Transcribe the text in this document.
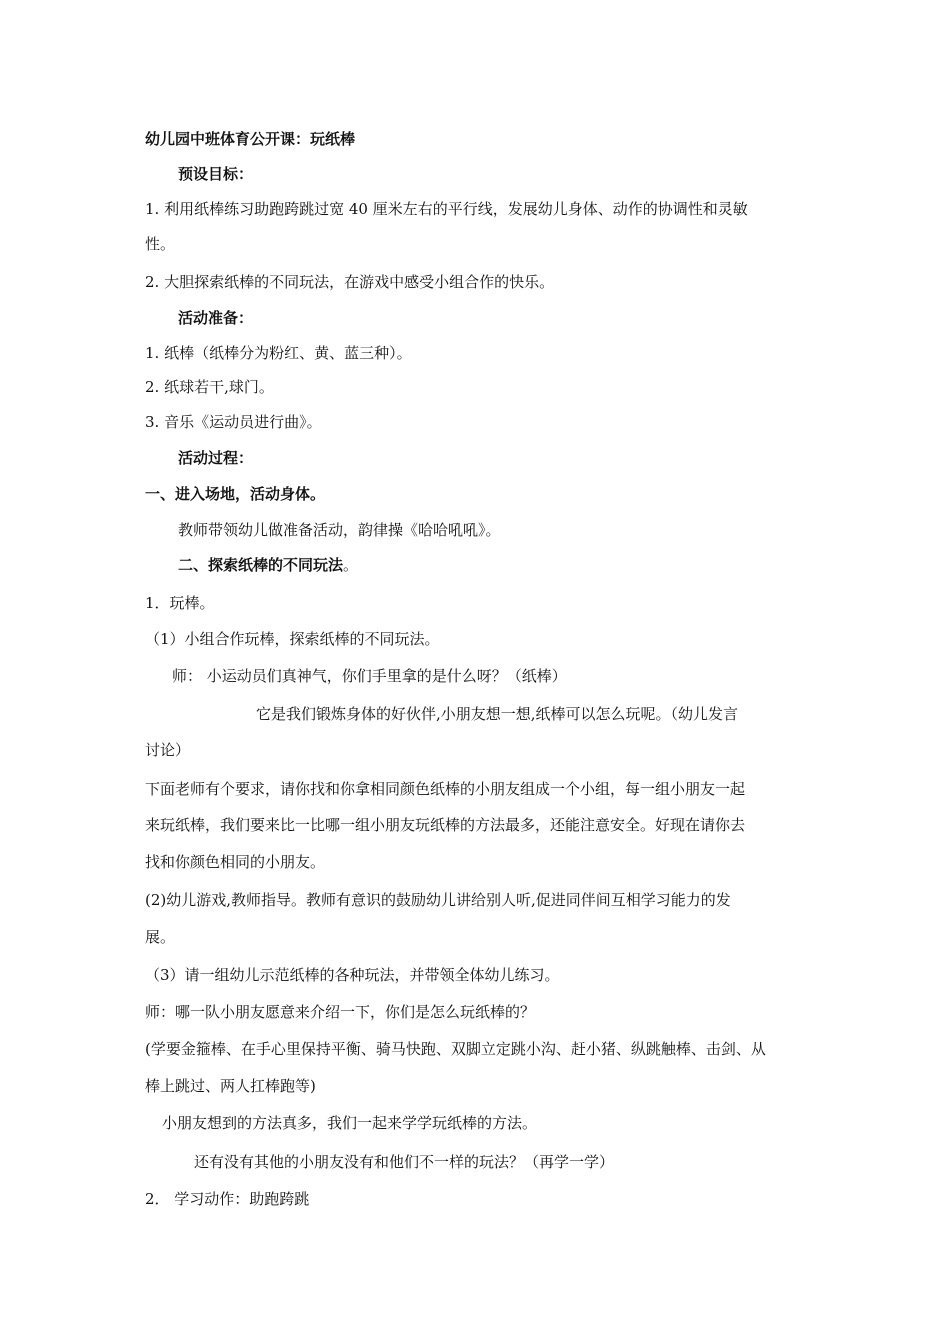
幼儿园中班体育公开课：玩纸棒
预设目标：
1. 利用纸棒练习助跑跨跳过宽 40 厘米左右的平行线，发展幼儿身体、动作的协调性和灵敏
性。
2. 大胆探索纸棒的不同玩法，在游戏中感受小组合作的快乐。
活动准备：
1. 纸棒（纸棒分为粉红、黄、蓝三种）。
2. 纸球若干,球门。
3. 音乐《运动员进行曲》。
活动过程：
一、进入场地，活动身体。
教师带领幼儿做准备活动，韵律操《哈哈吼吼》。
二、探索纸棒的不同玩法。
1．玩棒。
（1）小组合作玩棒，探索纸棒的不同玩法。
师： 小运动员们真神气，你们手里拿的是什么呀？（纸棒）
它是我们锻炼身体的好伙伴,小朋友想一想,纸棒可以怎么玩呢。（幼儿发言
讨论）
下面老师有个要求，请你找和你拿相同颜色纸棒的小朋友组成一个小组，每一组小朋友一起
来玩纸棒，我们要来比一比哪一组小朋友玩纸棒的方法最多，还能注意安全。好现在请你去
找和你颜色相同的小朋友。
(2)幼儿游戏,教师指导。教师有意识的鼓励幼儿讲给别人听,促进同伴间互相学习能力的发
展。
（3）请一组幼儿示范纸棒的各种玩法，并带领全体幼儿练习。
师：哪一队小朋友愿意来介绍一下，你们是怎么玩纸棒的？
(学要金箍棒、在手心里保持平衡、骑马快跑、双脚立定跳小沟、赶小猪、纵跳触棒、击剑、从
棒上跳过、两人扛棒跑等)
小朋友想到的方法真多，我们一起来学学玩纸棒的方法。
还有没有其他的小朋友没有和他们不一样的玩法？（再学一学）
2． 学习动作：助跑跨跳
